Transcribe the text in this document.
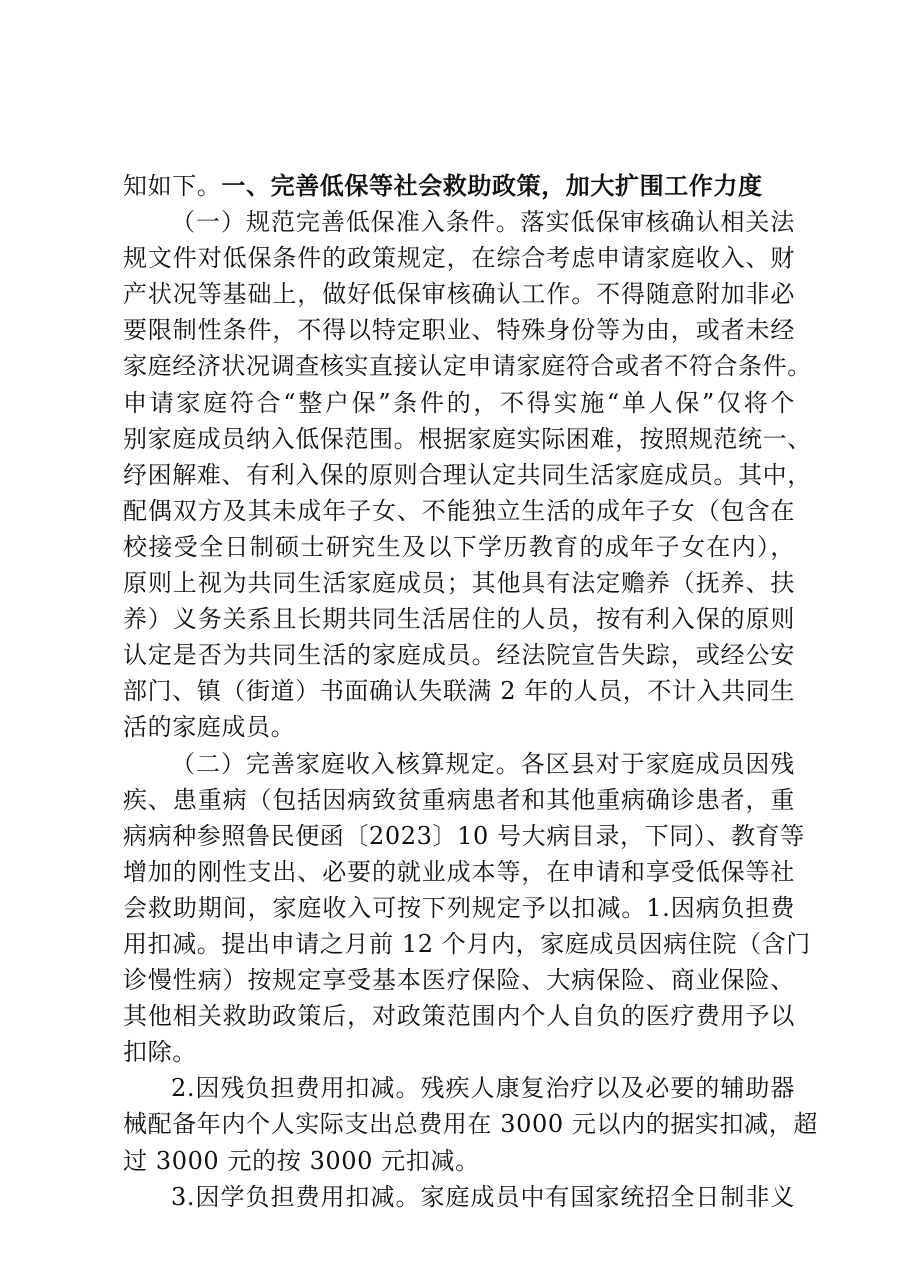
知如下。一、完善低保等社会救助政策，加大扩围工作力度
（一）规范完善低保准入条件。落实低保审核确认相关法
规文件对低保条件的政策规定，在综合考虑申请家庭收入、财
产状况等基础上，做好低保审核确认工作。不得随意附加非必
要限制性条件，不得以特定职业、特殊身份等为由，或者未经
家庭经济状况调查核实直接认定申请家庭符合或者不符合条件。
申请家庭符合“整户保”条件的，不得实施“单人保”仅将个
别家庭成员纳入低保范围。根据家庭实际困难，按照规范统一、
纾困解难、有利入保的原则合理认定共同生活家庭成员。其中，
配偶双方及其未成年子女、不能独立生活的成年子女（包含在
校接受全日制硕士研究生及以下学历教育的成年子女在内），
原则上视为共同生活家庭成员；其他具有法定赡养（抚养、扶
养）义务关系且长期共同生活居住的人员，按有利入保的原则
认定是否为共同生活的家庭成员。经法院宣告失踪，或经公安
部门、镇（街道）书面确认失联满 2 年的人员，不计入共同生
活的家庭成员。
（二）完善家庭收入核算规定。各区县对于家庭成员因残
疾、患重病（包括因病致贫重病患者和其他重病确诊患者，重
病病种参照鲁民便函〔2023〕10 号大病目录，下同）、教育等
增加的刚性支出、必要的就业成本等，在申请和享受低保等社
会救助期间，家庭收入可按下列规定予以扣减。1.因病负担费
用扣减。提出申请之月前 12 个月内，家庭成员因病住院（含门
诊慢性病）按规定享受基本医疗保险、大病保险、商业保险、
其他相关救助政策后，对政策范围内个人自负的医疗费用予以
扣除。
2.因残负担费用扣减。残疾人康复治疗以及必要的辅助器
械配备年内个人实际支出总费用在 3000 元以内的据实扣减，超
过 3000 元的按 3000 元扣减。
3.因学负担费用扣减。家庭成员中有国家统招全日制非义
